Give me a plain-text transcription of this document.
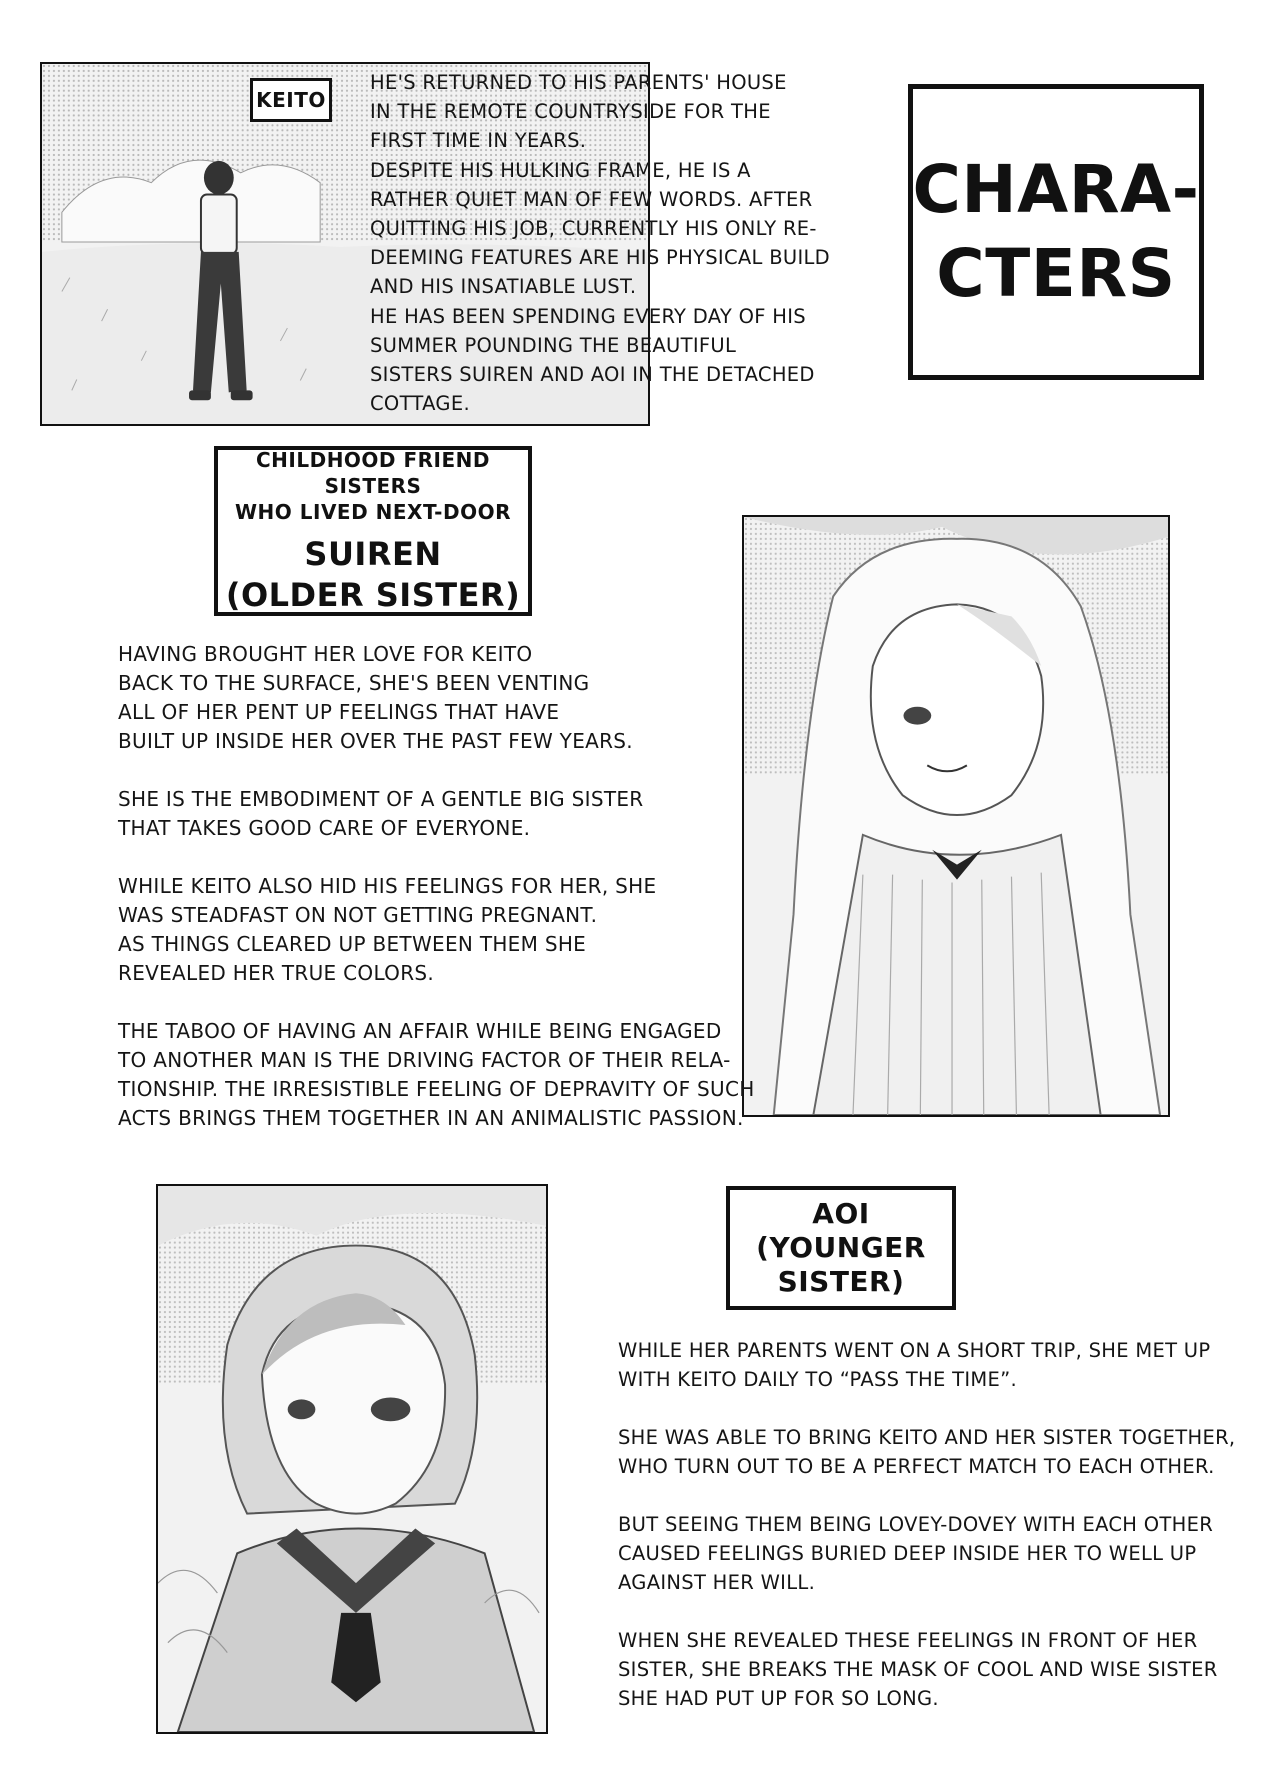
KEITO
HE'S RETURNED TO HIS PARENTS' HOUSE
IN THE REMOTE COUNTRYSIDE FOR THE
FIRST TIME IN YEARS.
DESPITE HIS HULKING FRAME, HE IS A
RATHER QUIET MAN OF FEW WORDS. AFTER
QUITTING HIS JOB, CURRENTLY HIS ONLY RE-
DEEMING FEATURES ARE HIS PHYSICAL BUILD
AND HIS INSATIABLE LUST.
HE HAS BEEN SPENDING EVERY DAY OF HIS
SUMMER POUNDING THE BEAUTIFUL
SISTERS SUIREN AND AOI IN THE DETACHED
COTTAGE.
CHARA-
CTERS
CHILDHOOD FRIEND SISTERS
WHO LIVED NEXT-DOOR
SUIREN
(OLDER SISTER)

HAVING BROUGHT HER LOVE FOR KEITO
BACK TO THE SURFACE, SHE'S BEEN VENTING
ALL OF HER PENT UP FEELINGS THAT HAVE
BUILT UP INSIDE HER OVER THE PAST FEW YEARS.

SHE IS THE EMBODIMENT OF A GENTLE BIG SISTER
THAT TAKES GOOD CARE OF EVERYONE.

WHILE KEITO ALSO HID HIS FEELINGS FOR HER, SHE
WAS STEADFAST ON NOT GETTING PREGNANT.
AS THINGS CLEARED UP BETWEEN THEM SHE
REVEALED HER TRUE COLORS.

THE TABOO OF HAVING AN AFFAIR WHILE BEING ENGAGED
TO ANOTHER MAN IS THE DRIVING FACTOR OF THEIR RELA-
TIONSHIP. THE IRRESISTIBLE FEELING OF DEPRAVITY OF SUCH
ACTS BRINGS THEM TOGETHER IN AN ANIMALISTIC PASSION.

AOI
(YOUNGER
SISTER)

WHILE HER PARENTS WENT ON A SHORT TRIP, SHE MET UP
WITH KEITO DAILY TO “PASS THE TIME”.

SHE WAS ABLE TO BRING KEITO AND HER SISTER TOGETHER,
WHO TURN OUT TO BE A PERFECT MATCH TO EACH OTHER.

BUT SEEING THEM BEING LOVEY-DOVEY WITH EACH OTHER
CAUSED FEELINGS BURIED DEEP INSIDE HER TO WELL UP
AGAINST HER WILL.

WHEN SHE REVEALED THESE FEELINGS IN FRONT OF HER
SISTER, SHE BREAKS THE MASK OF COOL AND WISE SISTER
SHE HAD PUT UP FOR SO LONG.
